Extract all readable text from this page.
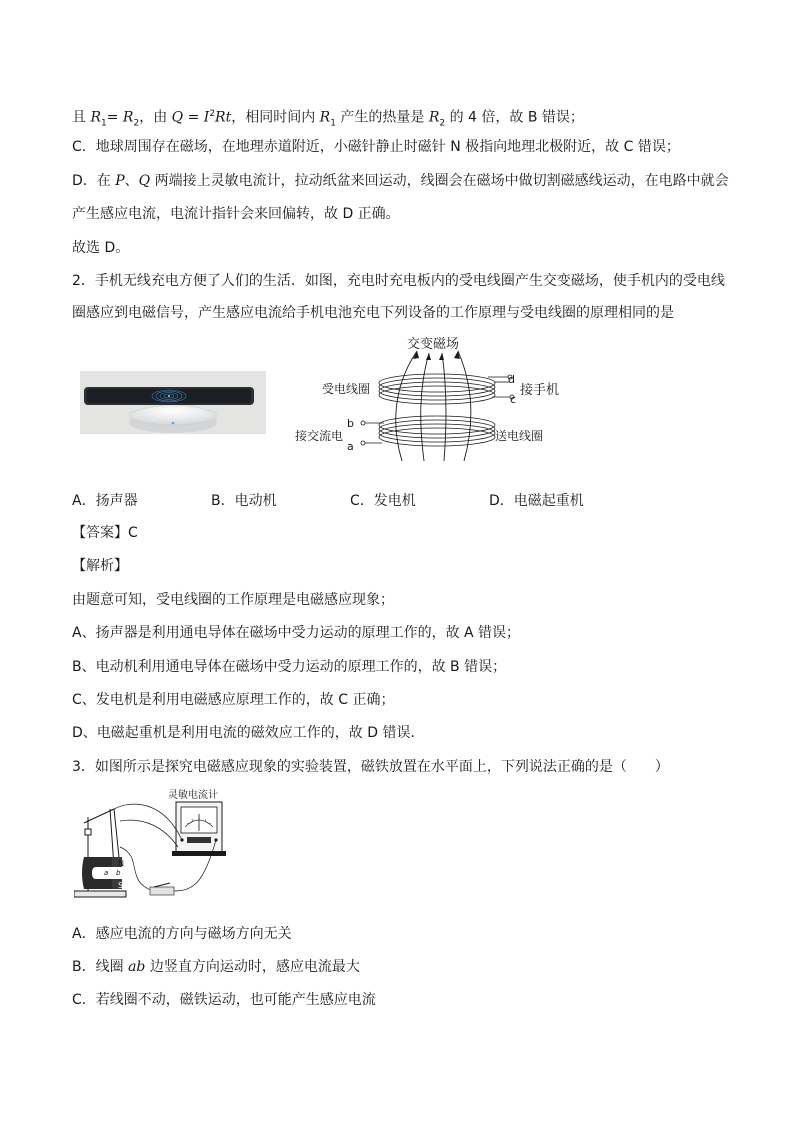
且 $R_1= R_2$，由 $Q = I^2Rt$，相同时间内 $R_1$ 产生的热量是 $R_2$ 的 4 倍，故 B 错误；
C．地球周围存在磁场，在地理赤道附近，小磁针静止时磁针 N 极指向地理北极附近，故 C 错误；
D．在 P、Q 两端接上灵敏电流计，拉动纸盆来回运动，线圈会在磁场中做切割磁感线运动，在电路中就会
产生感应电流，电流计指针会来回偏转，故 D 正确。
故选 D。
2．手机无线充电方便了人们的生活．如图，充电时充电板内的受电线圈产生交变磁场，使手机内的受电线
圈感应到电磁信号，产生感应电流给手机电池充电下列设备的工作原理与受电线圈的原理相同的是
交变磁场
受电线圈
d
c
接手机
接交流电
b
a
送电线圈
A．扬声器	B．电动机	C．发电机	D．电磁起重机
【答案】C
【解析】
由题意可知，受电线圈的工作原理是电磁感应现象；
A、扬声器是利用通电导体在磁场中受力运动的原理工作的，故 A 错误；
B、电动机利用通电导体在磁场中受力运动的原理工作的，故 B 错误；
C、发电机是利用电磁感应原理工作的，故 C 正确；
D、电磁起重机是利用电流的磁效应工作的，故 D 错误．
3．如图所示是探究电磁感应现象的实验装置，磁铁放置在水平面上，下列说法正确的是（　　）
灵敏电流计
N
S
a b
A．感应电流的方向与磁场方向无关
B．线圈 ab 边竖直方向运动时，感应电流最大
C．若线圈不动，磁铁运动，也可能产生感应电流
